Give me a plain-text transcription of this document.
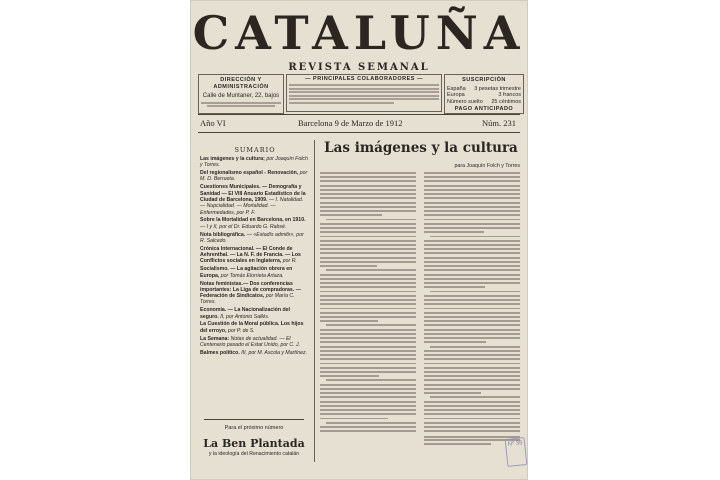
CATALUÑA
REVISTA SEMANAL
DIRECCIÓN Y ADMINISTRACIÓN
Calle de Muntaner, 22, bajos
— PRINCIPALES COLABORADORES —	SUSCRIPCIÓN
España 3 pesetas trimestre
Europa	3 francos
Número suelto 25 céntimos
PAGO ANTICIPADO
Año VI	Barcelona 9 de Marzo de 1912	Núm. 231
SUMARIO
Las imágenes y la cultura; por Joaquín Folch y Torres.
Del regionalismo español - Renovación, por M. D. Berrueta.
Cuestiones Municipales. — Demografía y Sanidad — El VIII Anuario Estadístico de la Ciudad de Barcelona, 1909. — I. Natalidad. — Nupcialidad. — Mortalidad. — Enfermedades, por P. F.
Sobre la Mortalidad en Barcelona, en 1910. — I y II, por el Dr. Eduardo G. Rabsé.
Nota bibliográfica. — «Estadís admitir», por R. Salcedo.
Crónica Internacional. — El Conde de Aehrenthal. — La N. F. de Francia. — Los Conflictos sociales en Inglaterra, por R.
Socialismo. — La agitación obrera en Europa, por Tomás Elorrieta Artaza.
Notas feministas.— Dos conferencias importantes: La Liga de compradoras. — Federación de Sindicatos, por María C. Torres.
Economía. — La Nacionalización del seguro. II, por Antonio Sallés.
La Cuestión de la Moral pública. Los hijos del erroyo, por P. de S.
La Semana: Notas de actualidad. — El Centenario pasado el Estat Unido, por C. J.
Balmes político. III, por M. Ascola y Martínez.
Para el próximo número
La Ben Plantada
y la ideología del Renacimiento catalán
Las imágenes y la cultura
para Joaquín Folch y Torres
Nº 36
